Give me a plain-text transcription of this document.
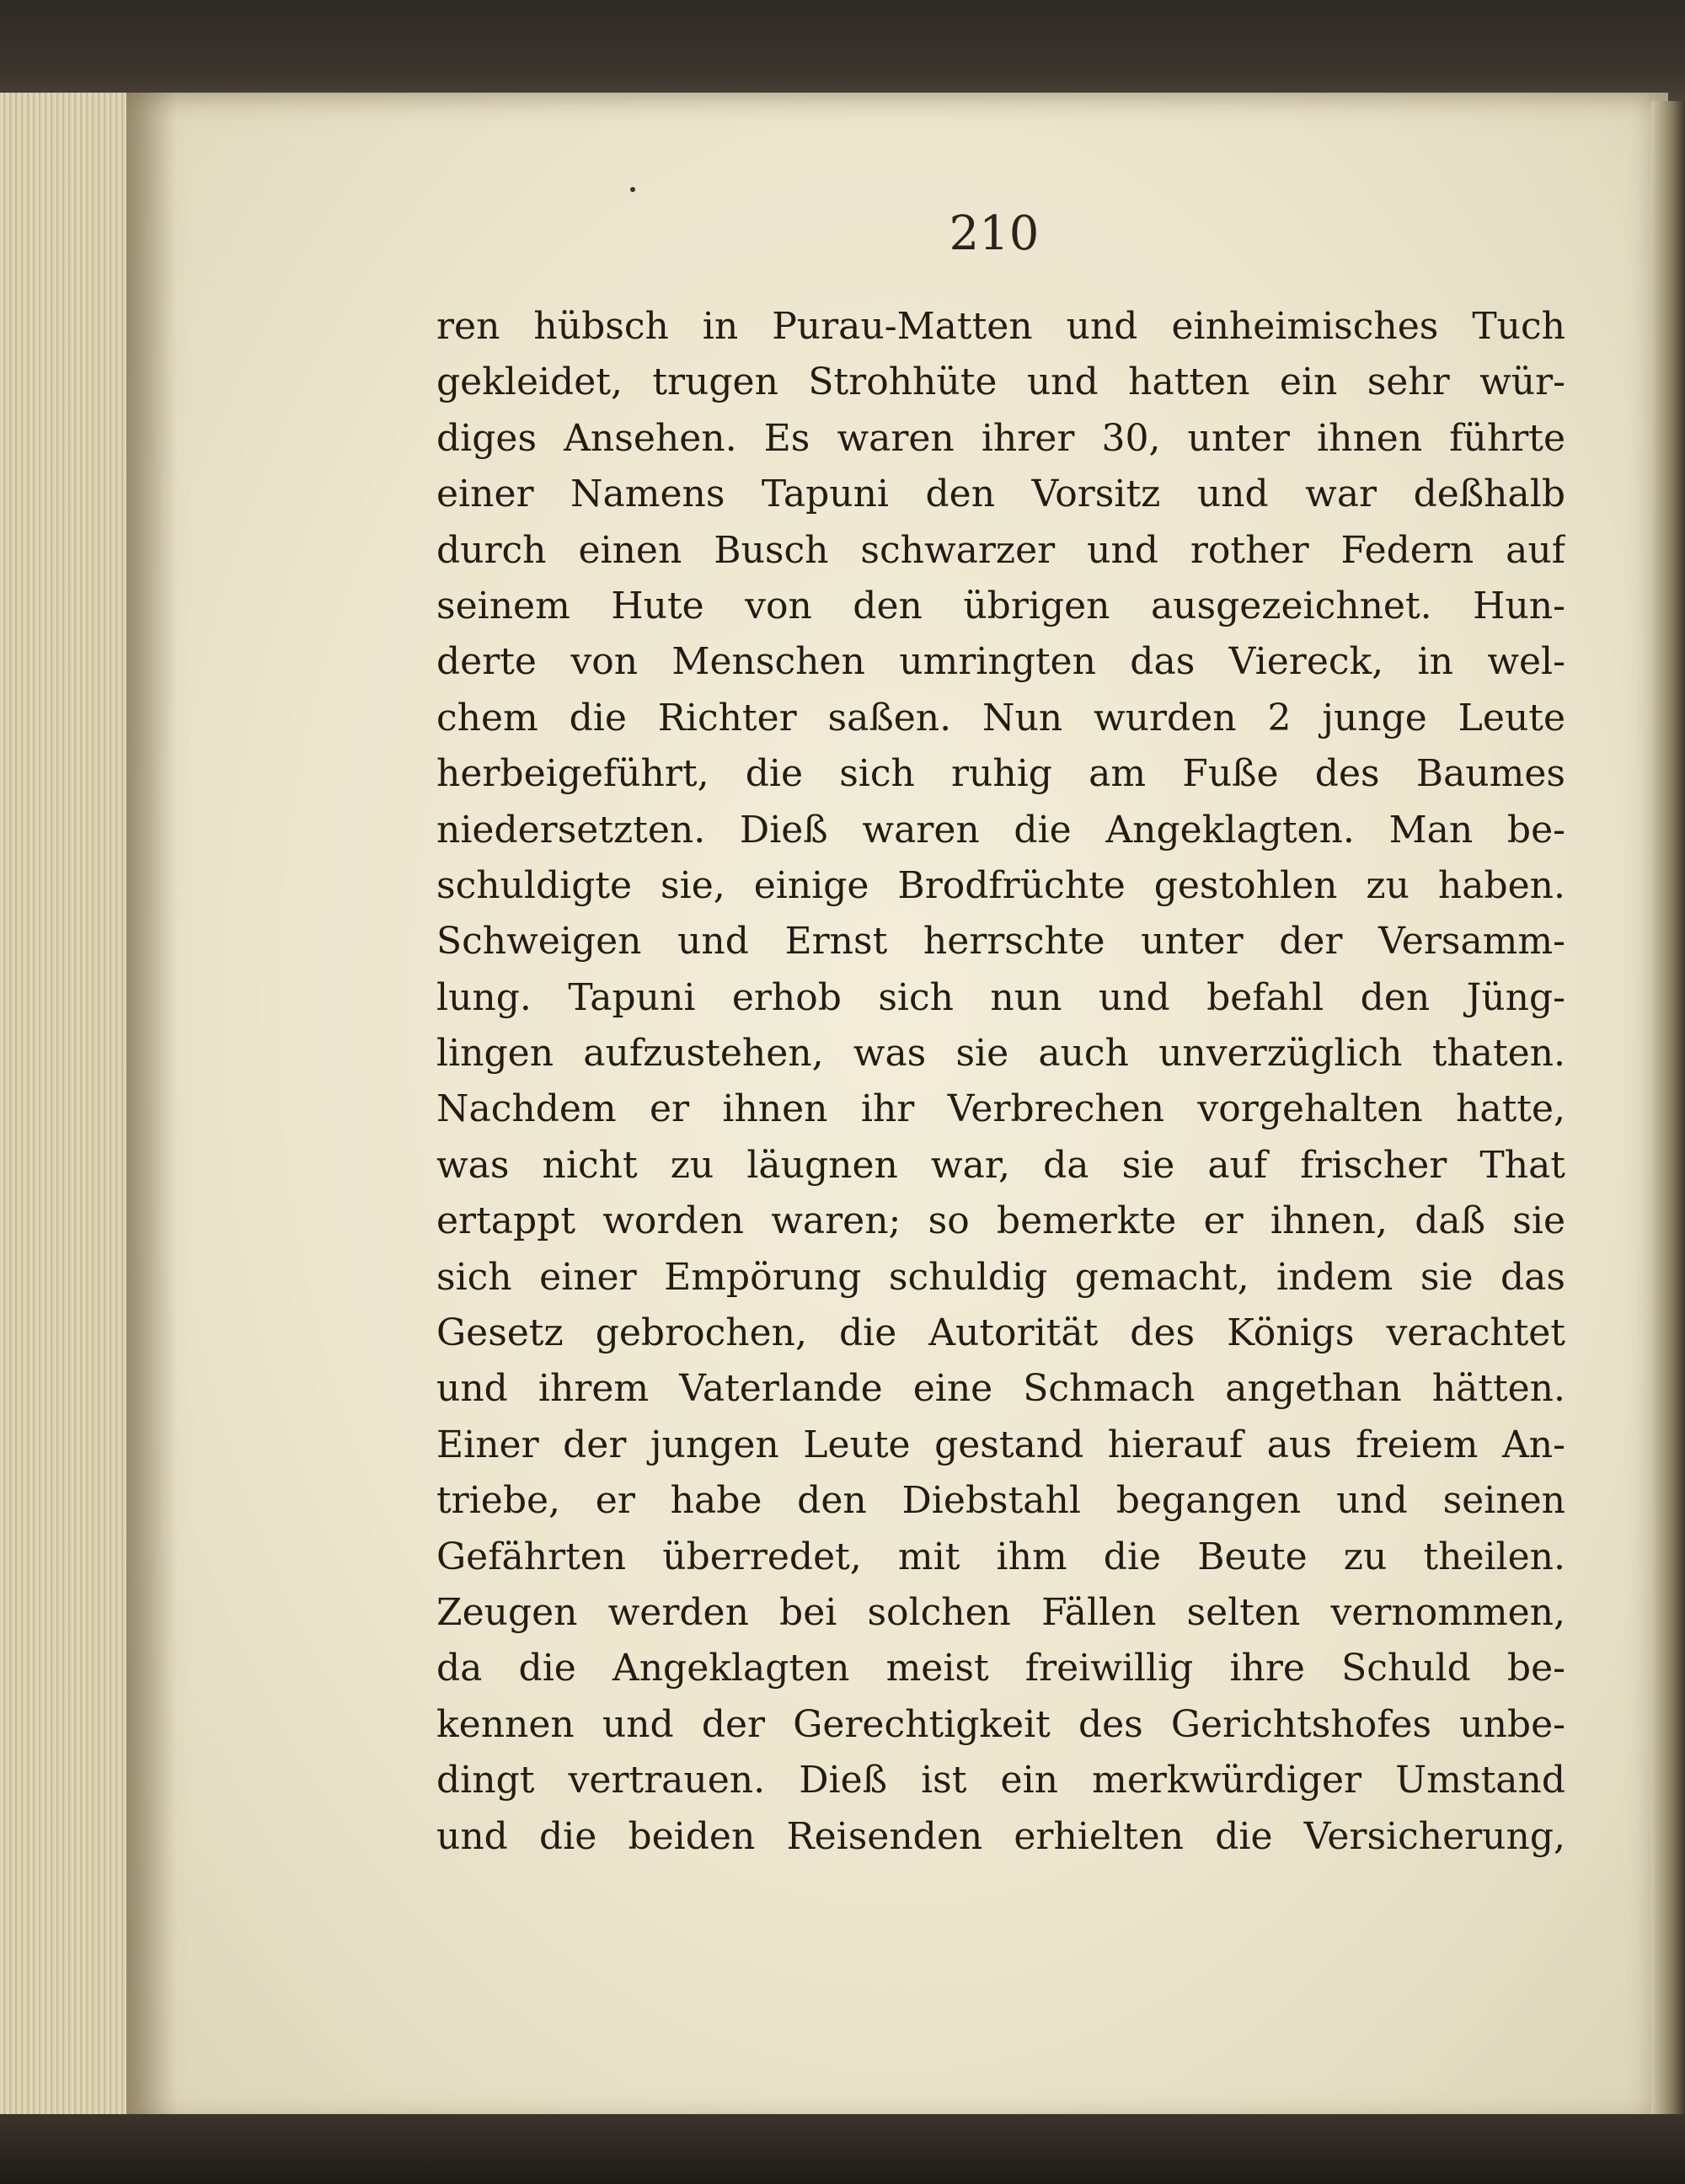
210
ren hübsch in Purau-Matten und einheimisches Tuch
gekleidet, trugen Strohhüte und hatten ein sehr wür-
diges Ansehen. Es waren ihrer 30, unter ihnen führte
einer Namens Tapuni den Vorsitz und war deßhalb
durch einen Busch schwarzer und rother Federn auf
seinem Hute von den übrigen ausgezeichnet. Hun-
derte von Menschen umringten das Viereck, in wel-
chem die Richter saßen. Nun wurden 2 junge Leute
herbeigeführt, die sich ruhig am Fuße des Baumes
niedersetzten. Dieß waren die Angeklagten. Man be-
schuldigte sie, einige Brodfrüchte gestohlen zu haben.
Schweigen und Ernst herrschte unter der Versamm-
lung. Tapuni erhob sich nun und befahl den Jüng-
lingen aufzustehen, was sie auch unverzüglich thaten.
Nachdem er ihnen ihr Verbrechen vorgehalten hatte,
was nicht zu läugnen war, da sie auf frischer That
ertappt worden waren; so bemerkte er ihnen, daß sie
sich einer Empörung schuldig gemacht, indem sie das
Gesetz gebrochen, die Autorität des Königs verachtet
und ihrem Vaterlande eine Schmach angethan hätten.
Einer der jungen Leute gestand hierauf aus freiem An-
triebe, er habe den Diebstahl begangen und seinen
Gefährten überredet, mit ihm die Beute zu theilen.
Zeugen werden bei solchen Fällen selten vernommen,
da die Angeklagten meist freiwillig ihre Schuld be-
kennen und der Gerechtigkeit des Gerichtshofes unbe-
dingt vertrauen. Dieß ist ein merkwürdiger Umstand
und die beiden Reisenden erhielten die Versicherung,
